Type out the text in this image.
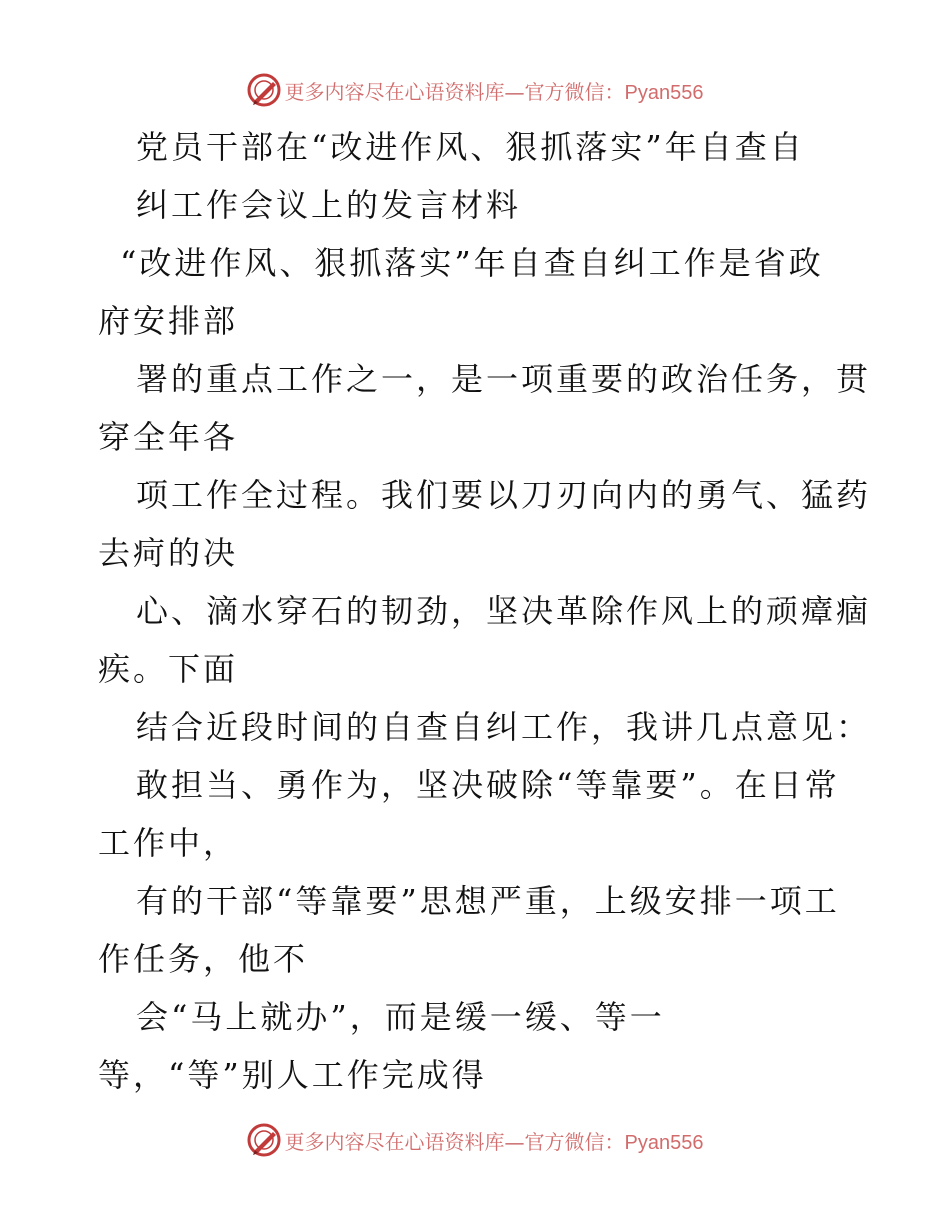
更多内容尽在心语资料库—官方微信：Pyan556
党员干部在“改进作风、狠抓落实”年自查自
纠工作会议上的发言材料
“改进作风、狠抓落实”年自查自纠工作是省政
府安排部
署的重点工作之一，是一项重要的政治任务，贯
穿全年各
项工作全过程。我们要以刀刃向内的勇气、猛药
去疴的决
心、滴水穿石的韧劲，坚决革除作风上的顽瘴痼
疾。下面
结合近段时间的自查自纠工作，我讲几点意见：
敢担当、勇作为，坚决破除“等靠要”。在日常
工作中，
有的干部“等靠要”思想严重，上级安排一项工
作任务，他不
会“马上就办”，而是缓一缓、等一
等，“等”别人工作完成得
更多内容尽在心语资料库—官方微信：Pyan556
